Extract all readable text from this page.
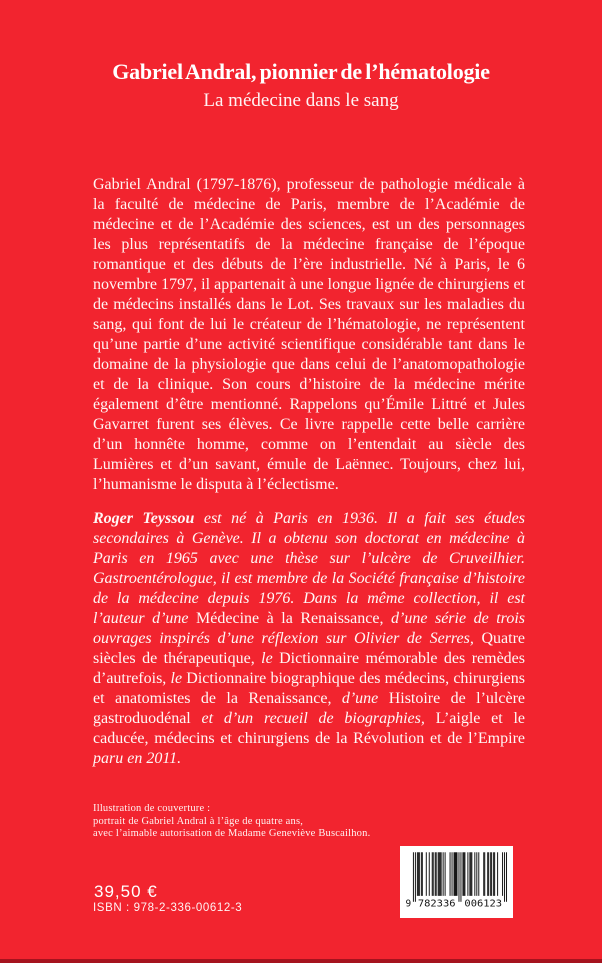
Gabriel Andral, pionnier de l’hématologie
La médecine dans le sang

Gabriel Andral (1797-1876), professeur de pathologie médicale à la faculté de médecine de Paris, membre de l’Académie de médecine et de l’Académie des sciences, est un des personnages les plus représentatifs de la médecine française de l’époque romantique et des débuts de l’ère industrielle. Né à Paris, le 6 novembre 1797, il appartenait à une longue lignée de chirurgiens et de médecins installés dans le Lot. Ses travaux sur les maladies du sang, qui font de lui le créateur de l’hématologie, ne représentent qu’une partie d’une activité scientifique considérable tant dans le domaine de la physiologie que dans celui de l’anatomopathologie et de la clinique. Son cours d’histoire de la médecine mérite également d’être mentionné. Rappelons qu’Émile Littré et Jules Gavarret furent ses élèves. Ce livre rappelle cette belle carrière d’un honnête homme, comme on l’entendait au siècle des Lumières et d’un savant, émule de Laënnec. Toujours, chez lui, l’humanisme le disputa à l’éclectisme.

Roger Teyssou est né à Paris en 1936. Il a fait ses études secondaires à Genève. Il a obtenu son doctorat en médecine à Paris en 1965 avec une thèse sur l’ulcère de Cruveilhier. Gastroentérologue, il est membre de la Société française d’histoire de la médecine depuis 1976. Dans la même collection, il est l’auteur d’une Médecine à la Renaissance, d’une série de trois ouvrages inspirés d’une réflexion sur Olivier de Serres, Quatre siècles de thérapeutique, le Dictionnaire mémorable des remèdes d’autrefois, le Dictionnaire biographique des médecins, chirurgiens et anatomistes de la Renaissance, d’une Histoire de l’ulcère gastroduodénal et d’un recueil de biographies, L’aigle et le caducée, médecins et chirurgiens de la Révolution et de l’Empire paru en 2011.

Illustration de couverture :
portrait de Gabriel Andral à l’âge de quatre ans,
avec l’aimable autorisation de Madame Geneviève Buscailhon.
39,50 €
ISBN : 978-2-336-00612-3	9 782336 006123
